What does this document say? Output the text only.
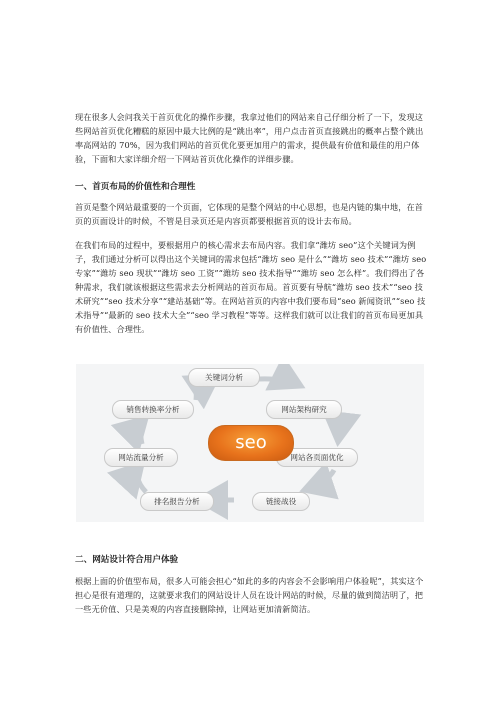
现在很多人会问我关于首页优化的操作步骤，我拿过他们的网站来自己仔细分析了一下，发现这些网站首页优化糟糕的原因中最大比例的是“跳出率”，用户点击首页直接跳出的概率占整个跳出率高网站的 70%，因为我们网站的首页优化要更加用户的需求，提供最有价值和最佳的用户体验，下面和大家详细介绍一下网站首页优化操作的详细步骤。

一、首页布局的价值性和合理性

首页是整个网站最重要的一个页面，它体现的是整个网站的中心思想，也是内链的集中地，在首页的页面设计的时候，不管是目录页还是内容页都要根据首页的设计去布局。

在我们布局的过程中，要根据用户的核心需求去布局内容。我们拿“潍坊 seo”这个关键词为例子，我们通过分析可以得出这个关键词的需求包括“潍坊 seo 是什么”“潍坊 seo 技术”“潍坊 seo 专家”“潍坊 seo 现状”“潍坊 seo 工资”“潍坊 seo 技术指导”“潍坊 seo 怎么样”。我们得出了各种需求，我们就该根据这些需求去分析网站的首页布局。首页要有导航“潍坊 seo 技术”“seo 技术研究”“seo 技术分享”“建站基础”等。在网站首页的内容中我们要布局“seo 新闻资讯”“seo 技术指导”“最新的 seo 技术大全”“seo 学习教程”等等。这样我们就可以让我们的首页布局更加具有价值性、合理性。

关键词分析
网站架构研究
网站各页面优化
链接战役
排名报告分析
网站流量分析
销售转换率分析
seo
二、网站设计符合用户体验

根据上面的价值型布局，很多人可能会担心“如此的多的内容会不会影响用户体验呢”，其实这个担心是很有道理的，这就要求我们的网站设计人员在设计网站的时候，尽量的做到简洁明了，把一些无价值、只是美观的内容直接删除掉，让网站更加清新简洁。
